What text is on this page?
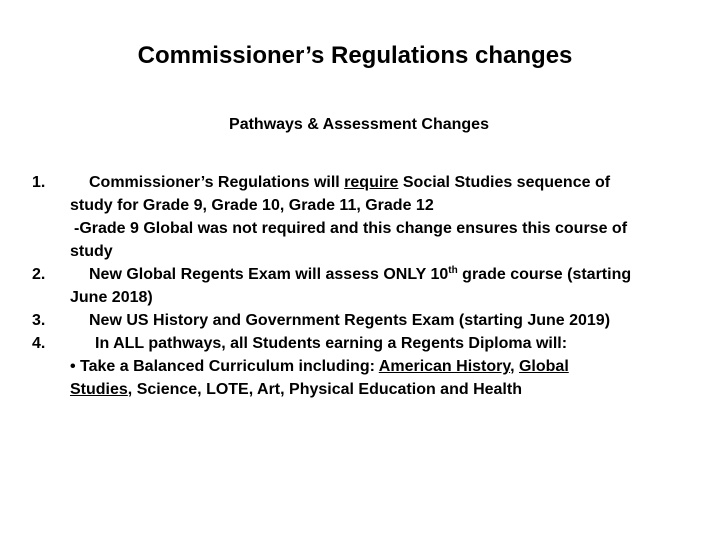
Commissioner’s Regulations changes
Pathways & Assessment Changes
1.	Commissioner’s Regulations will require Social Studies sequence of
study for Grade 9, Grade 10, Grade 11, Grade 12
-Grade 9 Global was not required and this change ensures this course of
study
2.	New Global Regents Exam will assess ONLY 10th grade course (starting
June 2018)
3.	New US History and Government Regents Exam (starting June 2019)
4.	In ALL pathways, all Students earning a Regents Diploma will:
• Take a Balanced Curriculum including: American History, Global
Studies, Science, LOTE, Art, Physical Education and Health
